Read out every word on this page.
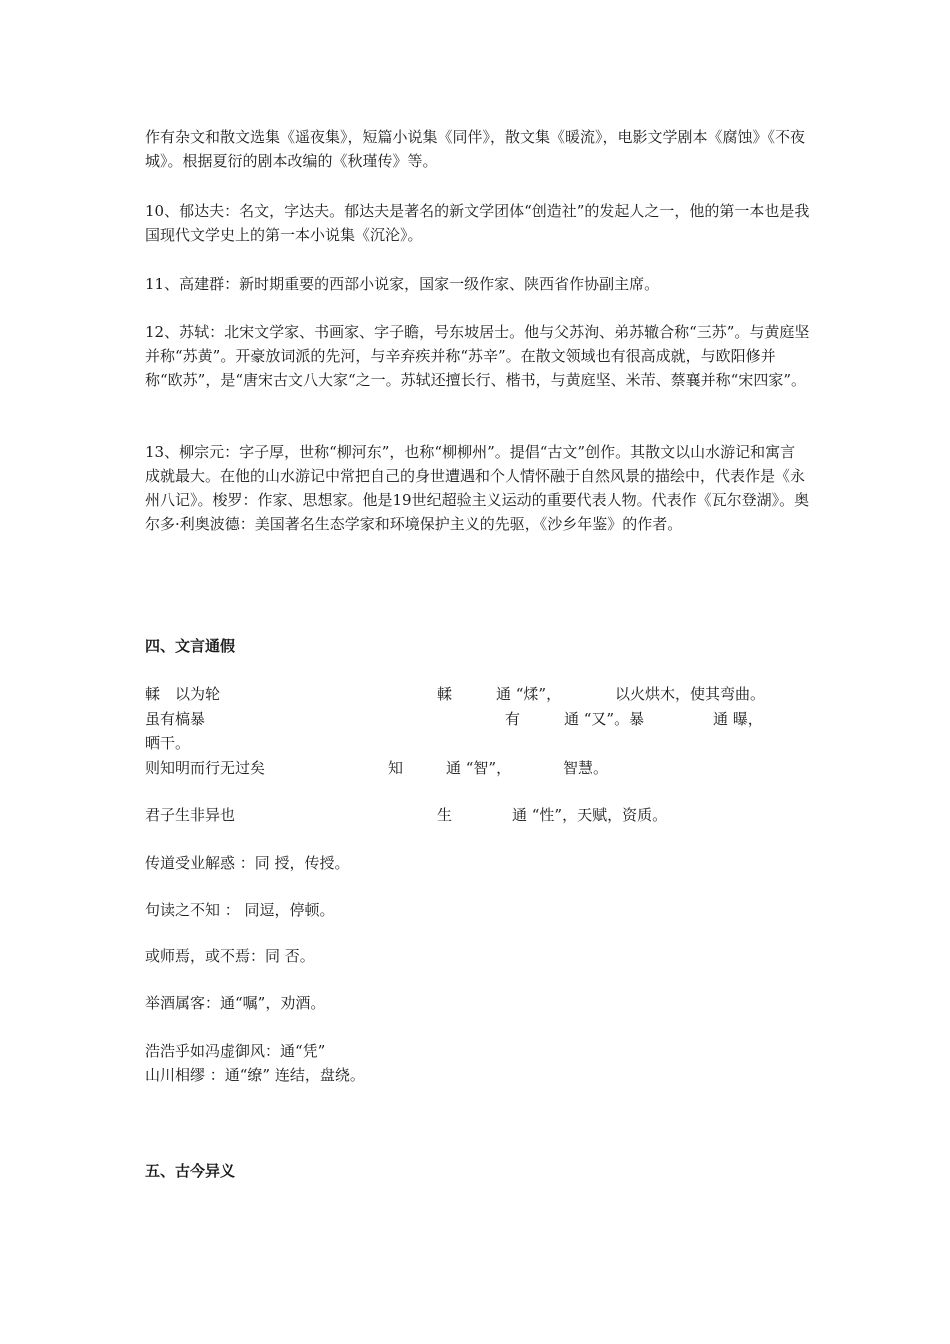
作有杂文和散文选集《遥夜集》，短篇小说集《同伴》，散文集《暖流》，电影文学剧本《腐蚀》《不夜城》。根据夏衍的剧本改编的《秋瑾传》等。

10、郁达夫：名文，字达夫。郁达夫是著名的新文学团体“创造社”的发起人之一，他的第一本也是我国现代文学史上的第一本小说集《沉沦》。

11、高建群：新时期重要的西部小说家，国家一级作家、陕西省作协副主席。

12、苏轼：北宋文学家、书画家、字子瞻，号东坡居士。他与父苏洵、弟苏辙合称“三苏”。与黄庭坚并称“苏黄”。开豪放词派的先河，与辛弃疾并称“苏辛”。在散文领域也有很高成就，与欧阳修并称“欧苏”，是“唐宋古文八大家“之一。苏轼还擅长行、楷书，与黄庭坚、米芾、蔡襄并称“宋四家”。

13、柳宗元：字子厚，世称“柳河东”，也称“柳柳州”。提倡“古文”创作。其散文以山水游记和寓言成就最大。在他的山水游记中常把自己的身世遭遇和个人情怀融于自然风景的描绘中，代表作是《永州八记》。梭罗：作家、思想家。他是19世纪超验主义运动的重要代表人物。代表作《瓦尔登湖》。奥尔多·利奥波德：美国著名生态学家和环境保护主义的先驱，《沙乡年鉴》的作者。

四、文言通假
輮　以为轮	輮	通 “煣”，	以火烘木，使其弯曲。
虽有槁暴	有	通 “又”。暴	通 曝，
晒干。
则知明而行无过矣	知	通 “智”，	智慧。
君子生非异也	生	通 “性”，天赋，资质。
传道受业解惑 ：同 授，传授。
句读之不知 ： 同逗，停顿。
或师焉，或不焉：同 否。
举酒属客：通“嘱”，劝酒。
浩浩乎如冯虚御风：通“凭”
山川相缪 ：通“缭” 连结，盘绕。
五、古今异义
